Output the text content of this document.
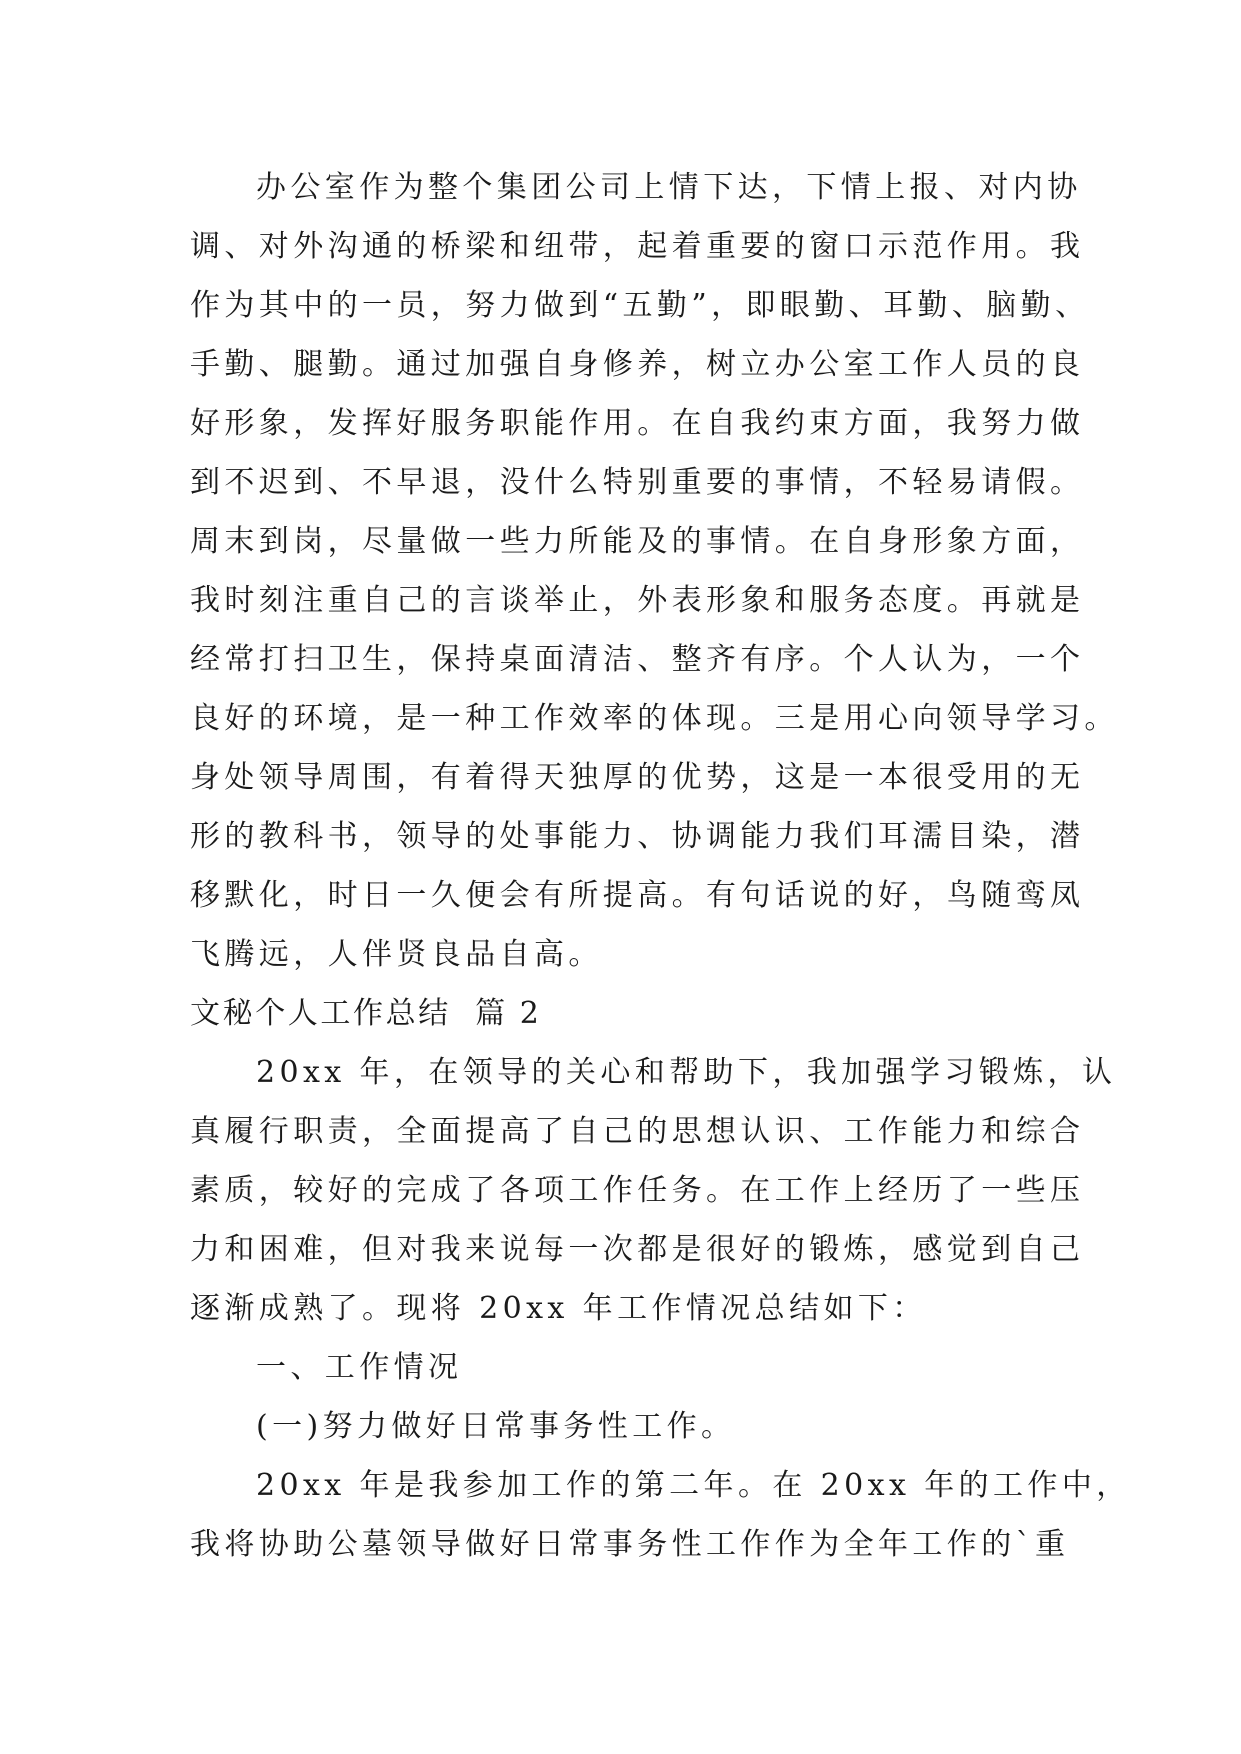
办公室作为整个集团公司上情下达，下情上报、对内协
调、对外沟通的桥梁和纽带，起着重要的窗口示范作用。我
作为其中的一员，努力做到“五勤”，即眼勤、耳勤、脑勤、
手勤、腿勤。通过加强自身修养，树立办公室工作人员的良
好形象，发挥好服务职能作用。在自我约束方面，我努力做
到不迟到、不早退，没什么特别重要的事情，不轻易请假。
周末到岗，尽量做一些力所能及的事情。在自身形象方面，
我时刻注重自己的言谈举止，外表形象和服务态度。再就是
经常打扫卫生，保持桌面清洁、整齐有序。个人认为，一个
良好的环境，是一种工作效率的体现。三是用心向领导学习。
身处领导周围，有着得天独厚的优势，这是一本很受用的无
形的教科书，领导的处事能力、协调能力我们耳濡目染，潜
移默化，时日一久便会有所提高。有句话说的好，鸟随鸾凤
飞腾远，人伴贤良品自高。
文秘个人工作总结  篇 2
20xx 年，在领导的关心和帮助下，我加强学习锻炼，认
真履行职责，全面提高了自己的思想认识、工作能力和综合
素质，较好的完成了各项工作任务。在工作上经历了一些压
力和困难，但对我来说每一次都是很好的锻炼，感觉到自己
逐渐成熟了。现将 20xx 年工作情况总结如下：
一、工作情况
(一)努力做好日常事务性工作。
20xx 年是我参加工作的第二年。在 20xx 年的工作中，
我将协助公墓领导做好日常事务性工作作为全年工作的`重
